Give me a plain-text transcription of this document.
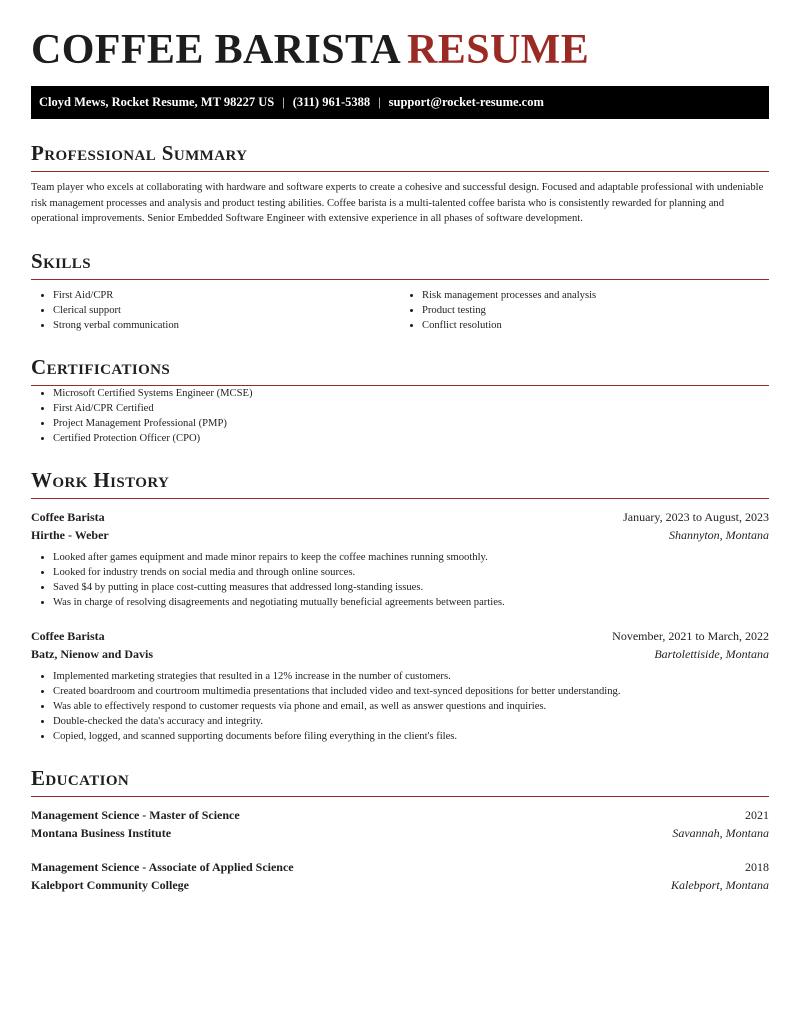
COFFEE BARISTA RESUME
Cloyd Mews, Rocket Resume, MT 98227 US | (311) 961-5388 | support@rocket-resume.com
Professional Summary

Team player who excels at collaborating with hardware and software experts to create a cohesive and successful design. Focused and adaptable professional with undeniable risk management processes and analysis and product testing abilities. Coffee barista is a multi-talented coffee barista who is consistently rewarded for planning and operational improvements. Senior Embedded Software Engineer with extensive experience in all phases of software development.

Skills
• First Aid/CPR
• Clerical support
• Strong verbal communication
• Risk management processes and analysis
• Product testing
• Conflict resolution
Certifications
• Microsoft Certified Systems Engineer (MCSE)
• First Aid/CPR Certified
• Project Management Professional (PMP)
• Certified Protection Officer (CPO)
Work History
Coffee Barista	January, 2023 to August, 2023
Hirthe - Weber	Shannyton, Montana
• Looked after games equipment and made minor repairs to keep the coffee machines running smoothly.
• Looked for industry trends on social media and through online sources.
• Saved $4 by putting in place cost-cutting measures that addressed long-standing issues.
• Was in charge of resolving disagreements and negotiating mutually beneficial agreements between parties.
Coffee Barista	November, 2021 to March, 2022
Batz, Nienow and Davis	Bartolettiside, Montana
• Implemented marketing strategies that resulted in a 12% increase in the number of customers.
• Created boardroom and courtroom multimedia presentations that included video and text-synced depositions for better understanding.
• Was able to effectively respond to customer requests via phone and email, as well as answer questions and inquiries.
• Double-checked the data's accuracy and integrity.
• Copied, logged, and scanned supporting documents before filing everything in the client's files.
Education
Management Science - Master of Science	2021
Montana Business Institute	Savannah, Montana
Management Science - Associate of Applied Science	2018
Kalebport Community College	Kalebport, Montana
